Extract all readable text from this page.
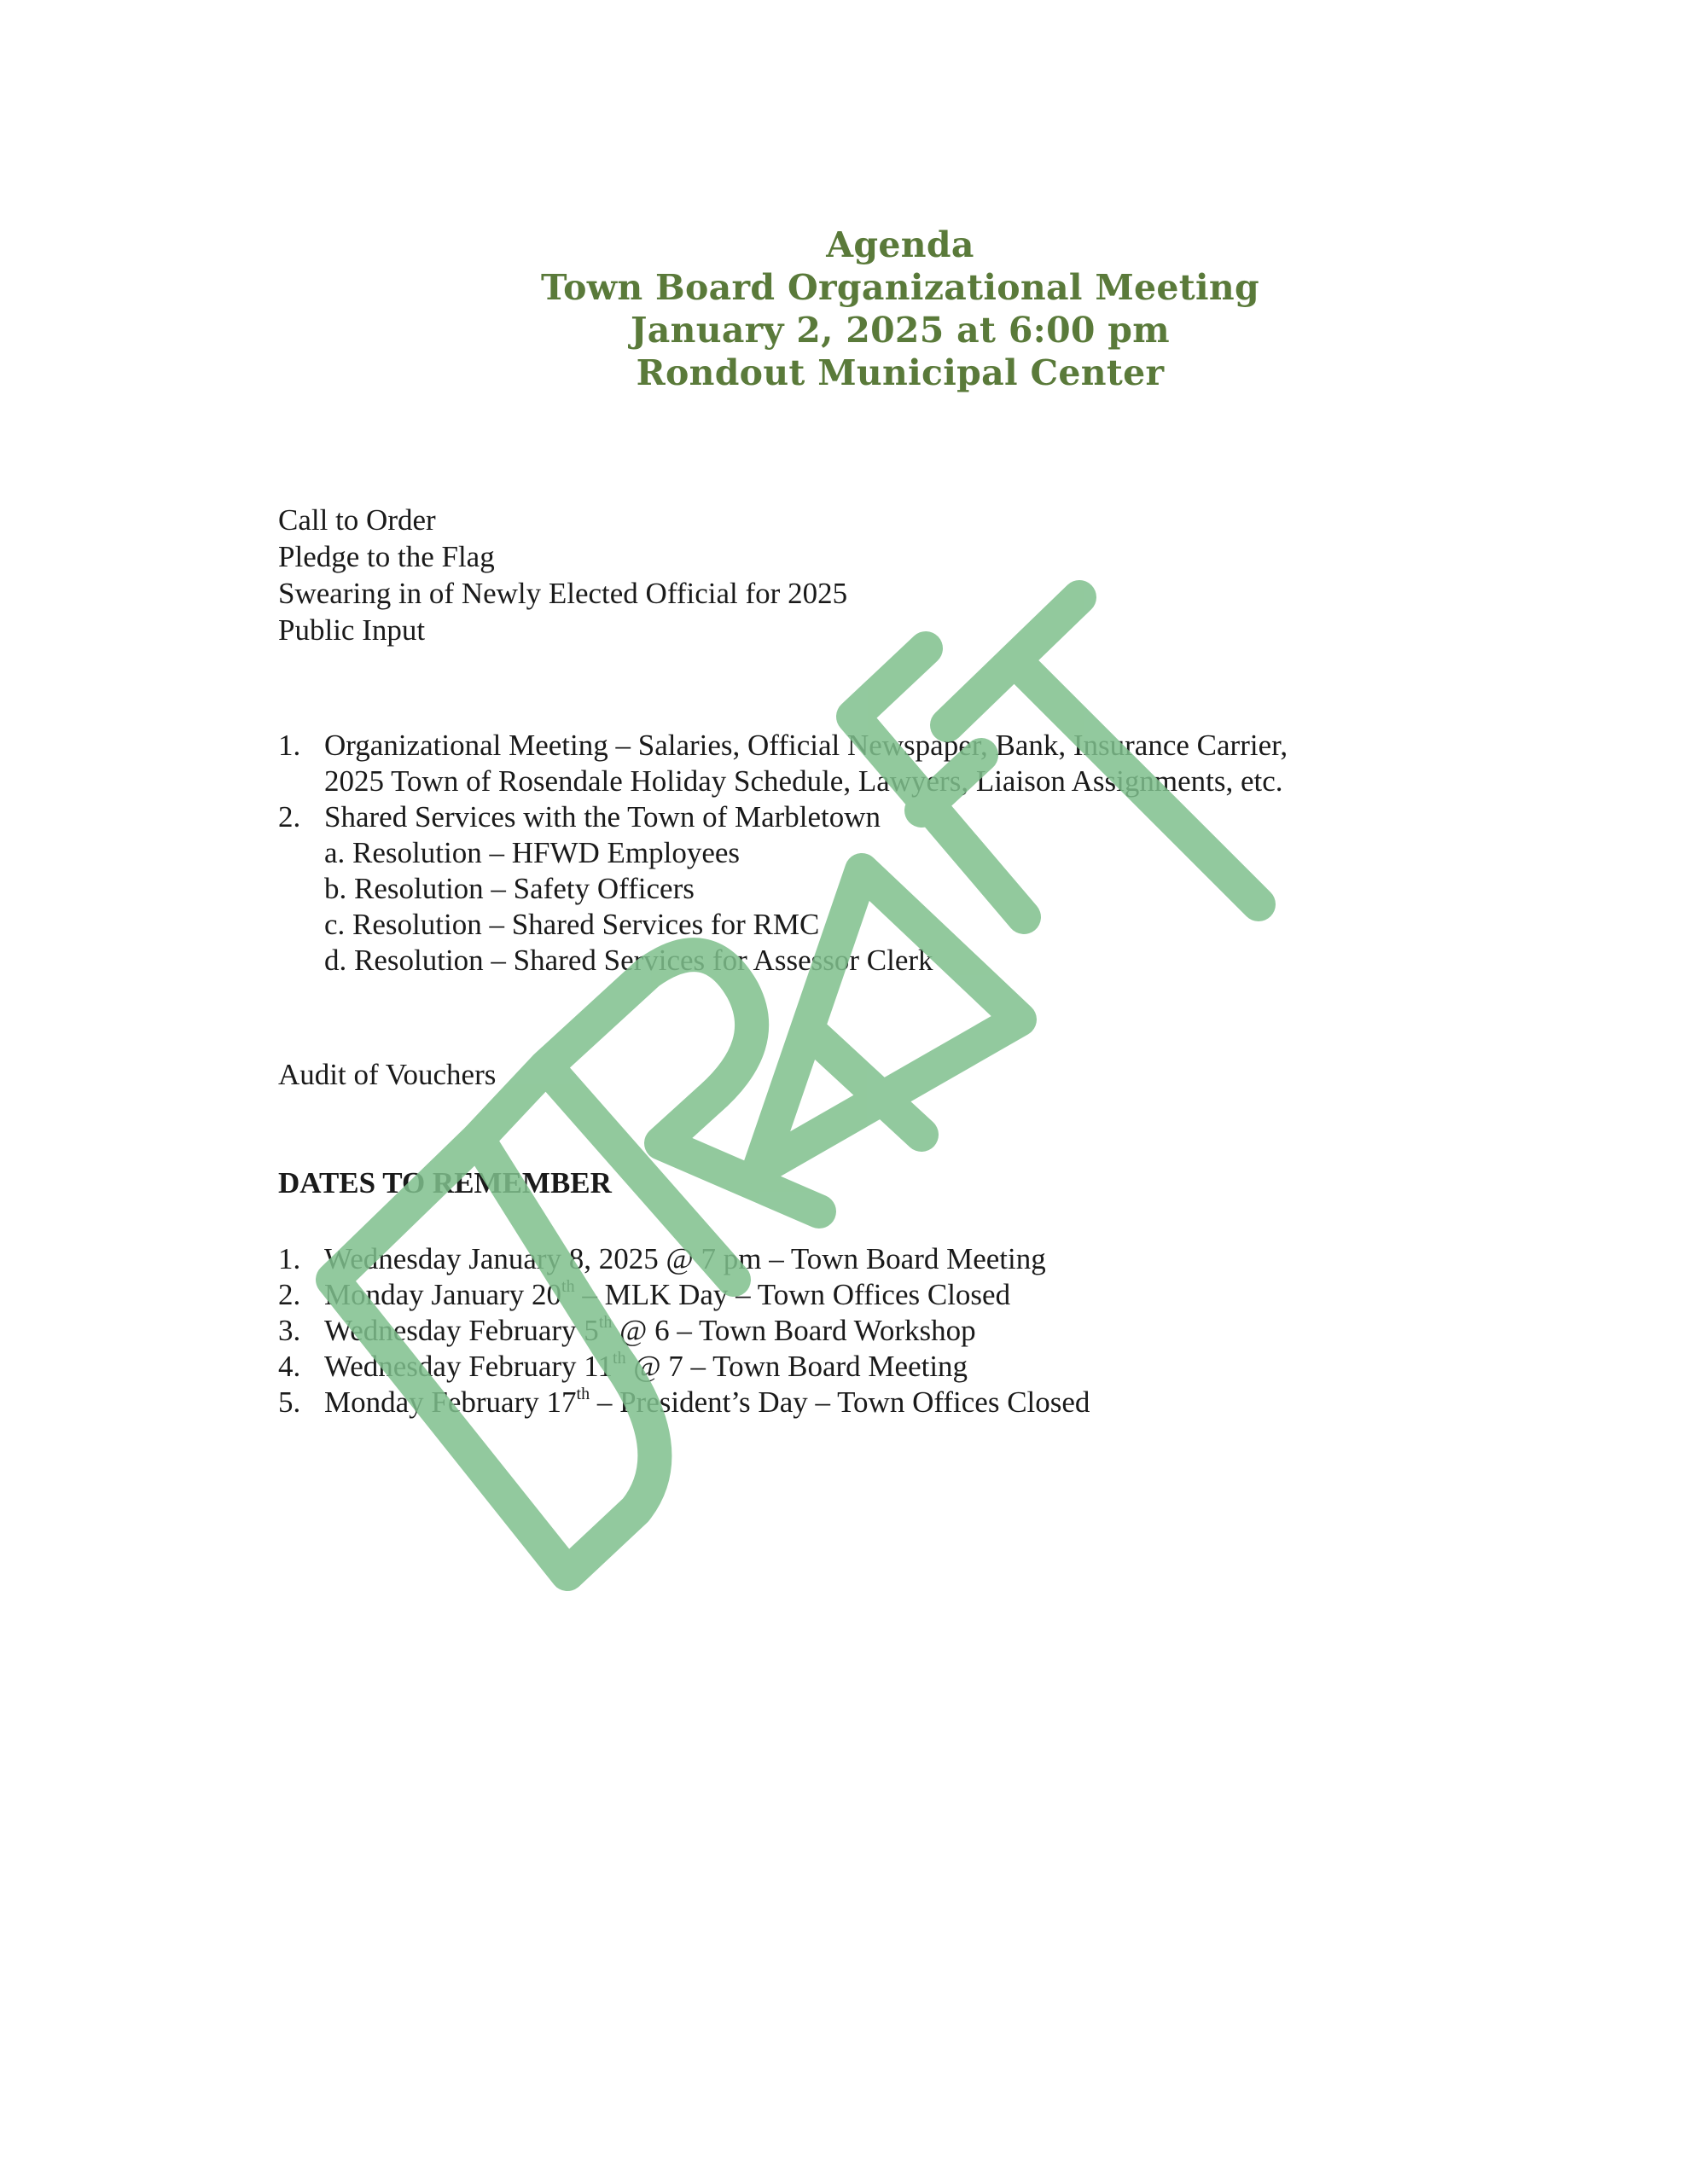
Agenda
Town Board Organizational Meeting
January 2, 2025 at 6:00 pm
Rondout Municipal Center
Call to Order
Pledge to the Flag
Swearing in of Newly Elected Official for 2025
Public Input
1. Organizational Meeting – Salaries, Official Newspaper, Bank, Insurance Carrier,
2025 Town of Rosendale Holiday Schedule, Lawyers, Liaison Assignments, etc.
2. Shared Services with the Town of Marbletown
a. Resolution – HFWD Employees
b. Resolution – Safety Officers
c. Resolution – Shared Services for RMC
d. Resolution – Shared Services for Assessor Clerk
Audit of Vouchers
DATES TO REMEMBER
1. Wednesday January 8, 2025 @ 7 pm – Town Board Meeting
2. Monday January 20th – MLK Day – Town Offices Closed
3. Wednesday February 5th @ 6 – Town Board Workshop
4. Wednesday February 11th @ 7 – Town Board Meeting
5. Monday February 17th – President’s Day – Town Offices Closed
